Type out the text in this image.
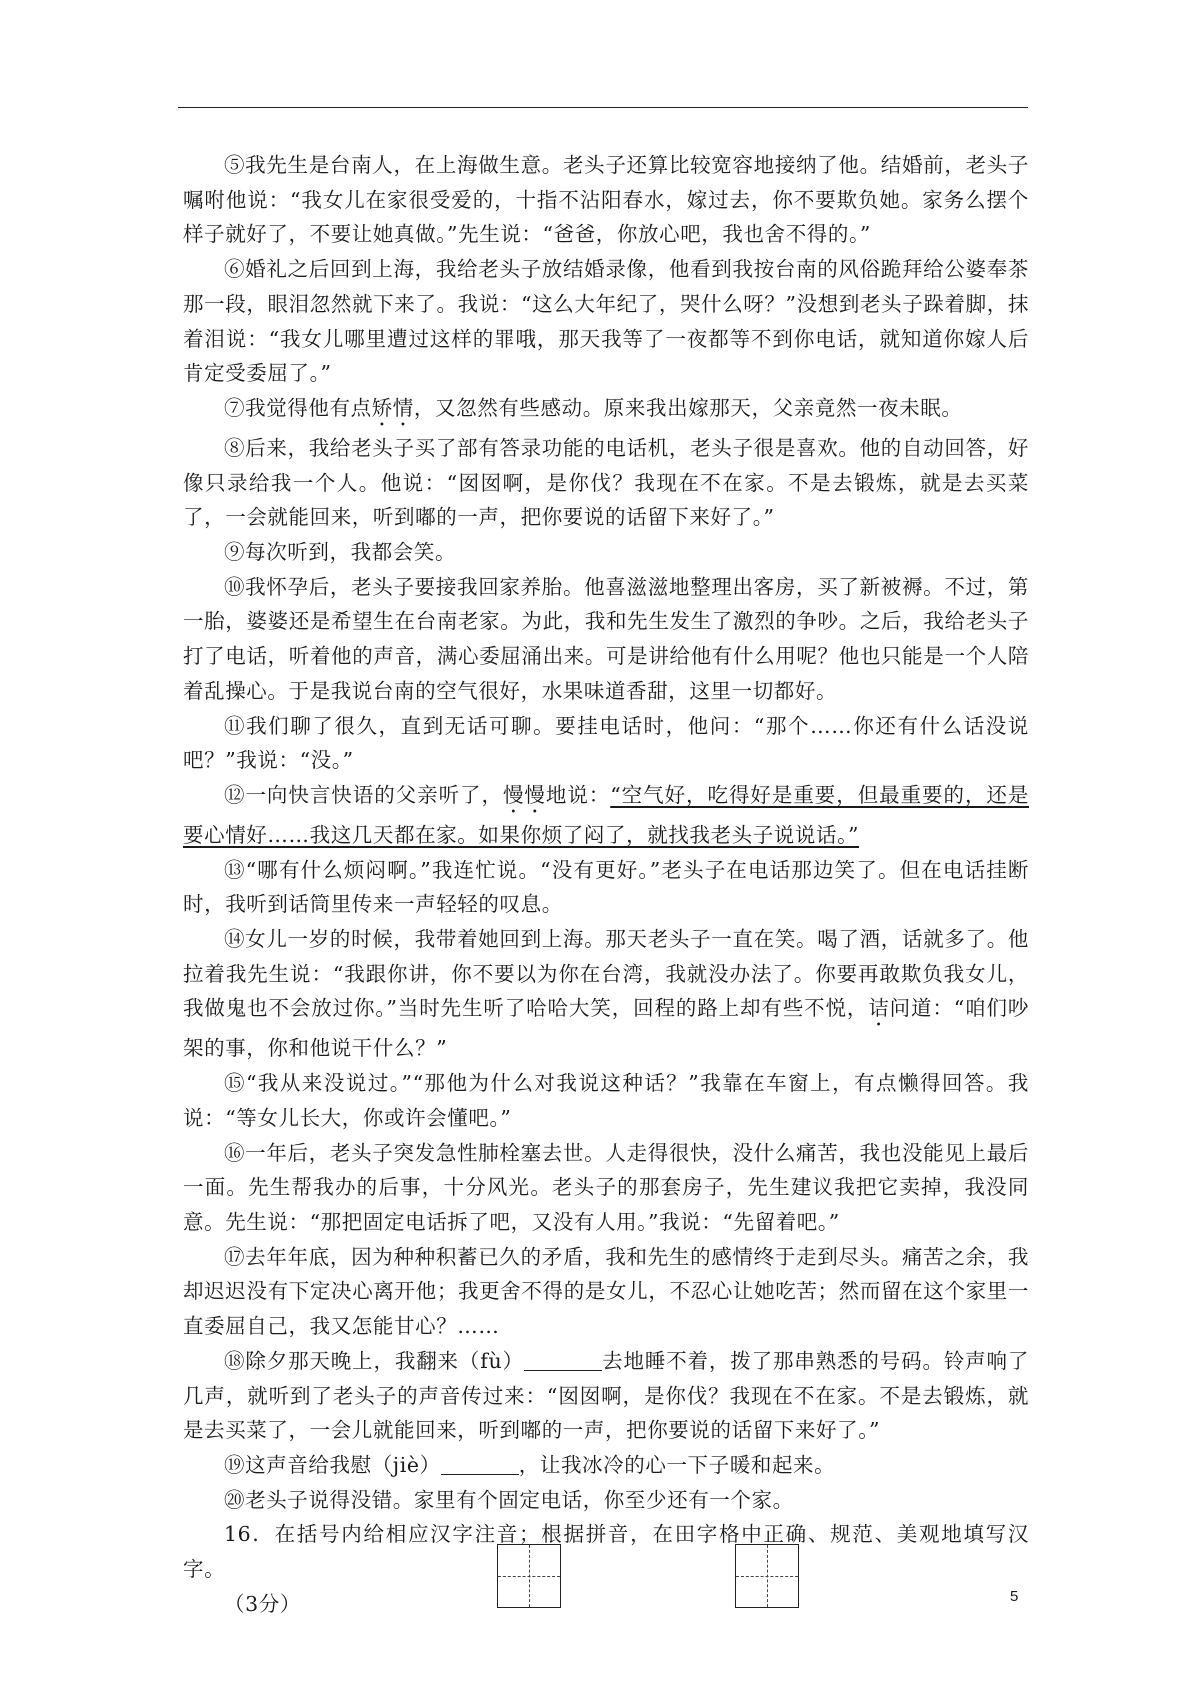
⑤我先生是台南人，在上海做生意。老头子还算比较宽容地接纳了他。结婚前，老头子嘱咐他说：“我女儿在家很受爱的，十指不沾阳春水，嫁过去，你不要欺负她。家务么摆个样子就好了，不要让她真做。”先生说：“爸爸，你放心吧，我也舍不得的。”

⑥婚礼之后回到上海，我给老头子放结婚录像，他看到我按台南的风俗跪拜给公婆奉茶那一段，眼泪忽然就下来了。我说：“这么大年纪了，哭什么呀？”没想到老头子跺着脚，抹着泪说：“我女儿哪里遭过这样的罪哦，那天我等了一夜都等不到你电话，就知道你嫁人后肯定受委屈了。”

⑦我觉得他有点矫情，又忽然有些感动。原来我出嫁那天，父亲竟然一夜未眠。

⑧后来，我给老头子买了部有答录功能的电话机，老头子很是喜欢。他的自动回答，好像只录给我一个人。他说：“囡囡啊，是你伐？我现在不在家。不是去锻炼，就是去买菜了，一会就能回来，听到嘟的一声，把你要说的话留下来好了。”

⑨每次听到，我都会笑。

⑩我怀孕后，老头子要接我回家养胎。他喜滋滋地整理出客房，买了新被褥。不过，第一胎，婆婆还是希望生在台南老家。为此，我和先生发生了激烈的争吵。之后，我给老头子打了电话，听着他的声音，满心委屈涌出来。可是讲给他有什么用呢？他也只能是一个人陪着乱操心。于是我说台南的空气很好，水果味道香甜，这里一切都好。

⑪我们聊了很久，直到无话可聊。要挂电话时，他问：“那个……你还有什么话没说吧？”我说：“没。”

⑫一向快言快语的父亲听了，慢慢地说：“空气好，吃得好是重要，但最重要的，还是要心情好……我这几天都在家。如果你烦了闷了，就找我老头子说说话。”

⑬“哪有什么烦闷啊。”我连忙说。“没有更好。”老头子在电话那边笑了。但在电话挂断时，我听到话筒里传来一声轻轻的叹息。

⑭女儿一岁的时候，我带着她回到上海。那天老头子一直在笑。喝了酒，话就多了。他拉着我先生说：“我跟你讲，你不要以为你在台湾，我就没办法了。你要再敢欺负我女儿，我做鬼也不会放过你。”当时先生听了哈哈大笑，回程的路上却有些不悦，诘问道：“咱们吵架的事，你和他说干什么？”

⑮“我从来没说过。”“那他为什么对我说这种话？”我靠在车窗上，有点懒得回答。我说：“等女儿长大，你或许会懂吧。”

⑯一年后，老头子突发急性肺栓塞去世。人走得很快，没什么痛苦，我也没能见上最后一面。先生帮我办的后事，十分风光。老头子的那套房子，先生建议我把它卖掉，我没同意。先生说：“那把固定电话拆了吧，又没有人用。”我说：“先留着吧。”

⑰去年年底，因为种种积蓄已久的矛盾，我和先生的感情终于走到尽头。痛苦之余，我却迟迟没有下定决心离开他；我更舍不得的是女儿，不忍心让她吃苦；然而留在这个家里一直委屈自己，我又怎能甘心？……

⑱除夕那天晚上，我翻来（fù）	去地睡不着，拨了那串熟悉的号码。铃声响了几声，就听到了老头子的声音传过来：“囡囡啊，是你伐？我现在不在家。不是去锻炼，就是去买菜了，一会儿就能回来，听到嘟的一声，把你要说的话留下来好了。”

⑲这声音给我慰（jiè）	，让我冰冷的心一下子暖和起来。

⑳老头子说得没错。家里有个固定电话，你至少还有一个家。

16．在括号内给相应汉字注音；根据拼音，在田字格中正确、规范、美观地填写汉字。

（3分）	5
